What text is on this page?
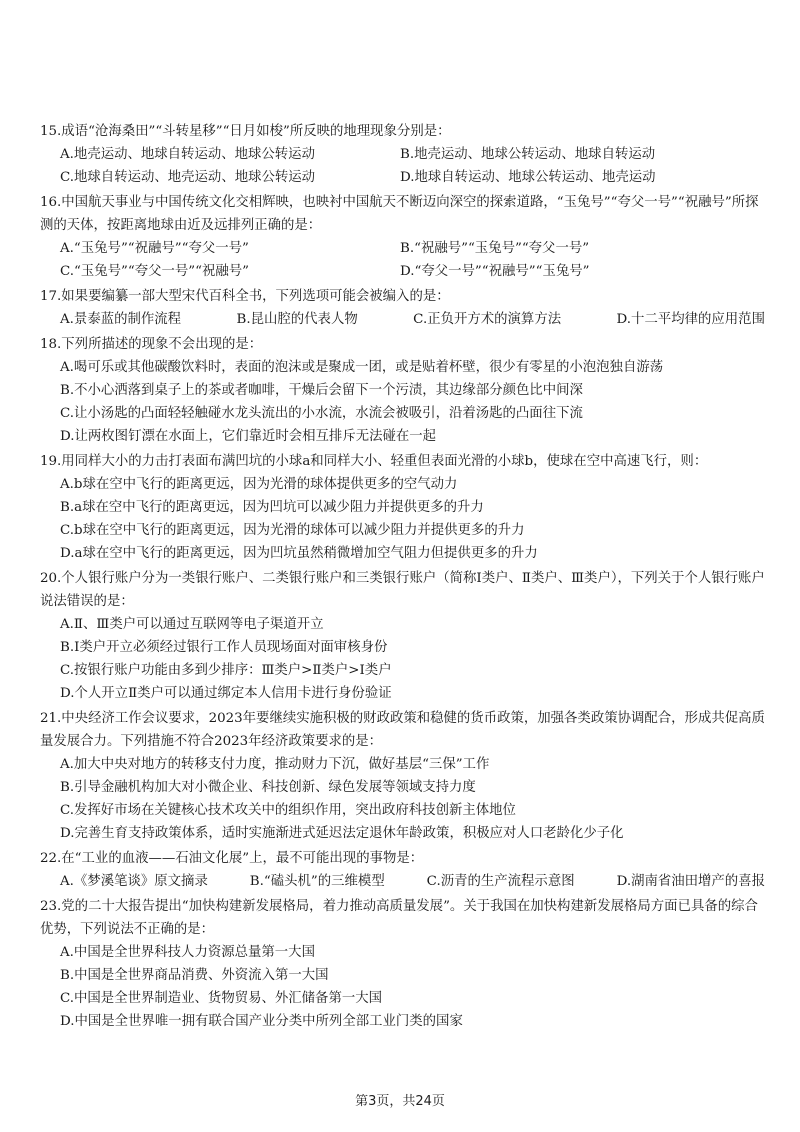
15.成语“沧海桑田”“斗转星移”“日月如梭”所反映的地理现象分别是：
A.地壳运动、地球自转运动、地球公转运动	B.地壳运动、地球公转运动、地球自转运动C.地球自转运动、地壳运动、地球公转运动	D.地球自转运动、地球公转运动、地壳运动
16.中国航天事业与中国传统文化交相辉映，也映衬中国航天不断迈向深空的探索道路，“玉兔号”“夸父一号”“祝融号”所探测的天体，按距离地球由近及远排列正确的是：
A.“玉兔号”“祝融号”“夸父一号”	B.“祝融号”“玉兔号”“夸父一号”C.“玉兔号”“夸父一号”“祝融号”	D.“夸父一号”“祝融号”“玉兔号”
17.如果要编纂一部大型宋代百科全书，下列选项可能会被编入的是：
A.景泰蓝的制作流程	B.昆山腔的代表人物	C.正负开方术的演算方法	D.十二平均律的应用范围
18.下列所描述的现象不会出现的是：
A.喝可乐或其他碳酸饮料时，表面的泡沫或是聚成一团，或是贴着杯壁，很少有零星的小泡泡独自游荡
B.不小心洒落到桌子上的茶或者咖啡，干燥后会留下一个污渍，其边缘部分颜色比中间深
C.让小汤匙的凸面轻轻触碰水龙头流出的小水流，水流会被吸引，沿着汤匙的凸面往下流
D.让两枚图钉漂在水面上，它们靠近时会相互排斥无法碰在一起
19.用同样大小的力击打表面布满凹坑的小球a和同样大小、轻重但表面光滑的小球b，使球在空中高速飞行，则：
A.b球在空中飞行的距离更远，因为光滑的球体提供更多的空气动力
B.a球在空中飞行的距离更远，因为凹坑可以减少阻力并提供更多的升力
C.b球在空中飞行的距离更远，因为光滑的球体可以减少阻力并提供更多的升力
D.a球在空中飞行的距离更远，因为凹坑虽然稍微增加空气阻力但提供更多的升力
20.个人银行账户分为一类银行账户、二类银行账户和三类银行账户（简称Ⅰ类户、Ⅱ类户、Ⅲ类户），下列关于个人银行账户说法错误的是：
A.Ⅱ、Ⅲ类户可以通过互联网等电子渠道开立
B.Ⅰ类户开立必须经过银行工作人员现场面对面审核身份
C.按银行账户功能由多到少排序：Ⅲ类户>Ⅱ类户>Ⅰ类户
D.个人开立Ⅱ类户可以通过绑定本人信用卡进行身份验证
21.中央经济工作会议要求，2023年要继续实施积极的财政政策和稳健的货币政策，加强各类政策协调配合，形成共促高质量发展合力。下列措施不符合2023年经济政策要求的是：
A.加大中央对地方的转移支付力度，推动财力下沉，做好基层“三保”工作
B.引导金融机构加大对小微企业、科技创新、绿色发展等领域支持力度
C.发挥好市场在关键核心技术攻关中的组织作用，突出政府科技创新主体地位
D.完善生育支持政策体系，适时实施渐进式延迟法定退休年龄政策，积极应对人口老龄化少子化
22.在“工业的血液——石油文化展”上，最不可能出现的事物是：
A.《梦溪笔谈》原文摘录	B.“磕头机”的三维模型	C.沥青的生产流程示意图	D.湖南省油田增产的喜报
23.党的二十大报告提出“加快构建新发展格局，着力推动高质量发展”。关于我国在加快构建新发展格局方面已具备的综合优势，下列说法不正确的是：
A.中国是全世界科技人力资源总量第一大国
B.中国是全世界商品消费、外资流入第一大国
C.中国是全世界制造业、货物贸易、外汇储备第一大国
D.中国是全世界唯一拥有联合国产业分类中所列全部工业门类的国家
第3页，共24页
